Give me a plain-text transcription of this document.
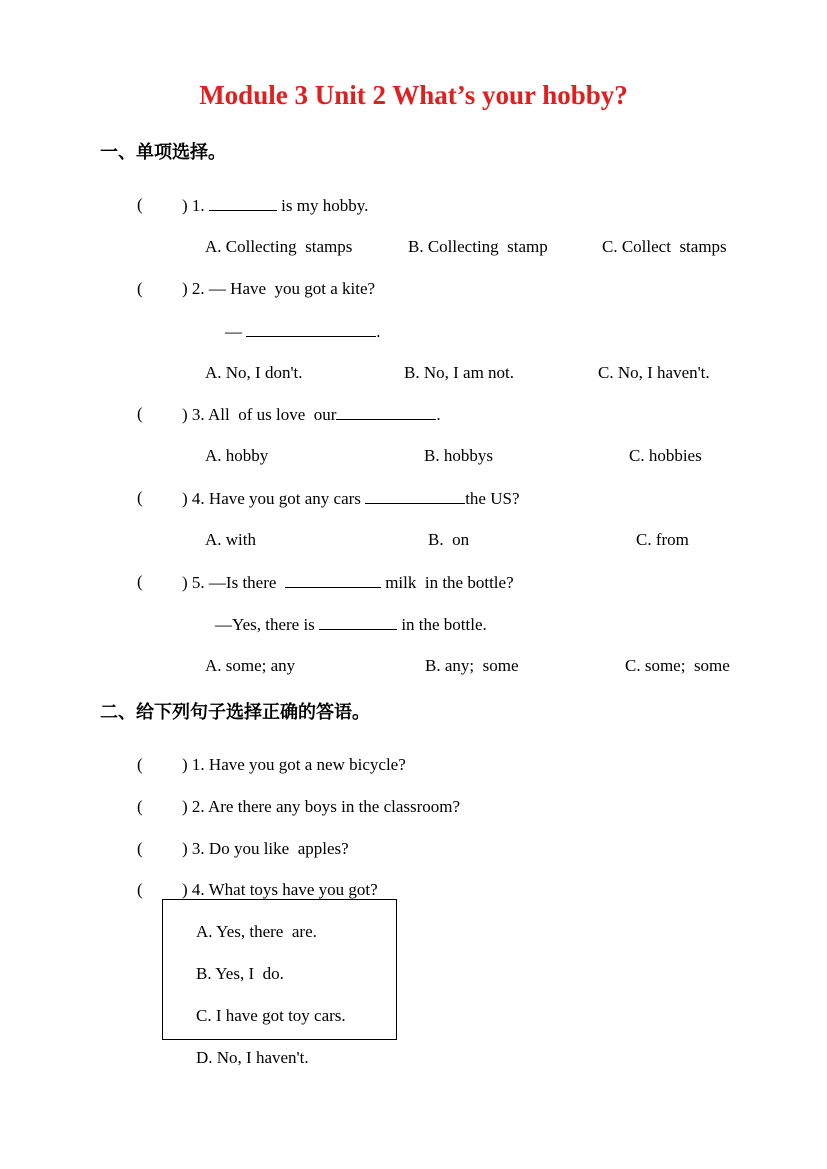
Module 3 Unit 2 What’s your hobby?
一、单项选择。
( ) 1.	is my hobby.
A. Collecting  stamps	B. Collecting  stamp	C. Collect  stamps
( ) 2. — Have  you got a kite?
—	.
A. No, I don't.	B. No, I am not.	C. No, I haven't.
( ) 3. All  of us love  our	.
A. hobby	B. hobbys	C. hobbies
( ) 4. Have you got any cars	the US?
A. with	B.  on	C. from
( ) 5. —Is there	milk  in the bottle?
—Yes, there is	in the bottle.
A. some; any	B. any;  some	C. some;  some
二、给下列句子选择正确的答语。
( ) 1. Have you got a new bicycle?
( ) 2. Are there any boys in the classroom?
( ) 3. Do you like  apples?
( ) 4. What toys have you got?
A. Yes, there  are.
B. Yes, I  do.
C. I have got toy cars.
D. No, I haven't.
